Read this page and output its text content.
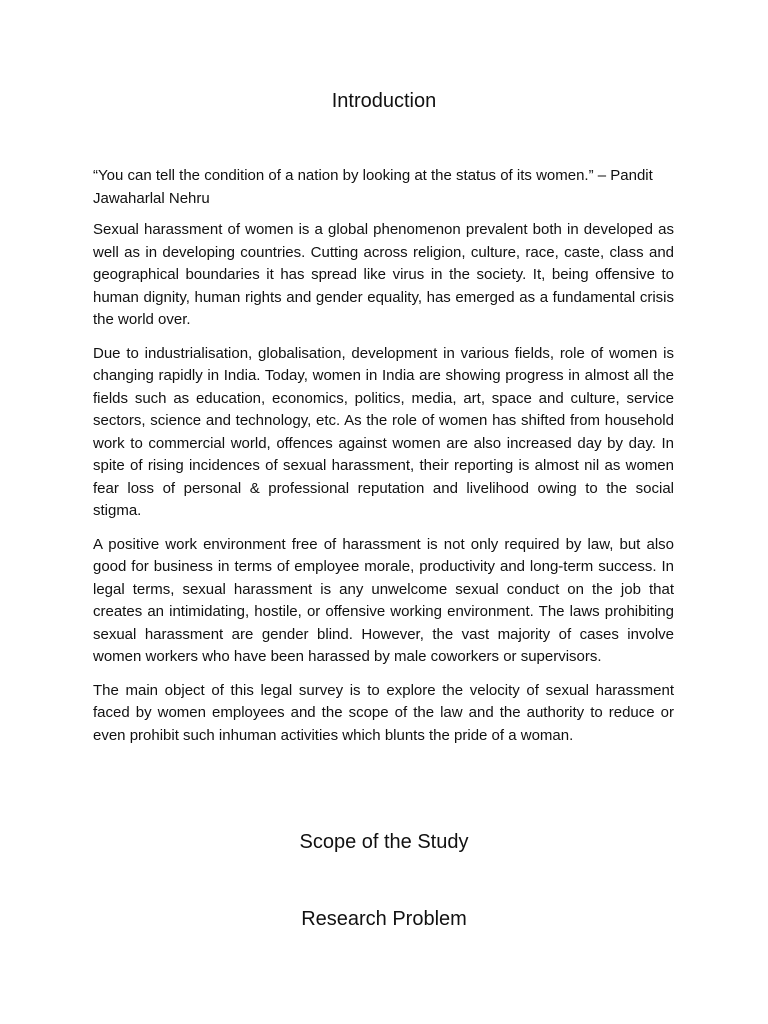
Introduction

“You can tell the condition of a nation by looking at the status of its women.” – Pandit Jawaharlal Nehru

Sexual harassment of women is a global phenomenon prevalent both in developed as well as in developing countries. Cutting across religion, culture, race, caste, class and geographical boundaries it has spread like virus in the society. It, being offensive to human dignity, human rights and gender equality, has emerged as a fundamental crisis the world over.

Due to industrialisation, globalisation, development in various fields, role of women is changing rapidly in India. Today, women in India are showing progress in almost all the fields such as education, economics, politics, media, art, space and culture, service sectors, science and technology, etc. As the role of women has shifted from household work to commercial world, offences against women are also increased day by day. In spite of rising incidences of sexual harassment, their reporting is almost nil as women fear loss of personal & professional reputation and livelihood owing to the social stigma.

A positive work environment free of harassment is not only required by law, but also good for business in terms of employee morale, productivity and long-term success. In legal terms, sexual harassment is any unwelcome sexual conduct on the job that creates an intimidating, hostile, or offensive working environment. The laws prohibiting sexual harassment are gender blind. However, the vast majority of cases involve women workers who have been harassed by male coworkers or supervisors.

The main object of this legal survey is to explore the velocity of sexual harassment faced by women employees and the scope of the law and the authority to reduce or even prohibit such inhuman activities which blunts the pride of a woman.

Scope of the Study
Research Problem
